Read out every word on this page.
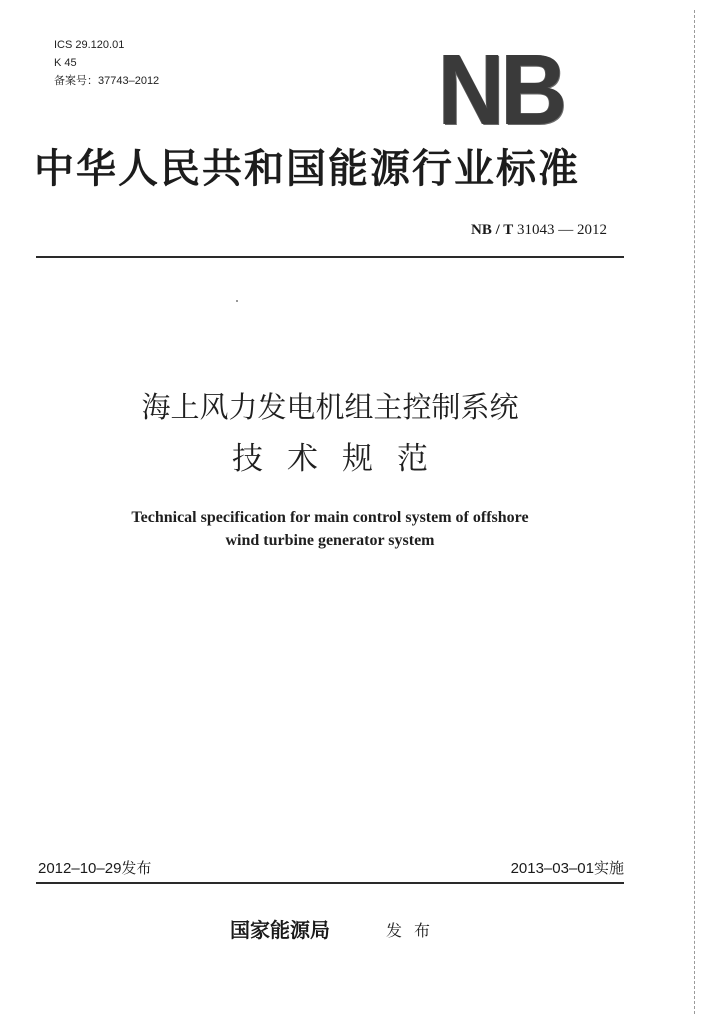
ICS 29.120.01
K 45
备案号：37743–2012	NB
中华人民共和国能源行业标准
NB / T 31043 — 2012
海上风力发电机组主控制系统
技术规范
Technical specification for main control system of offshore
wind turbine generator system
2012–10–29发布	2013–03–01实施
国家能源局	发布
